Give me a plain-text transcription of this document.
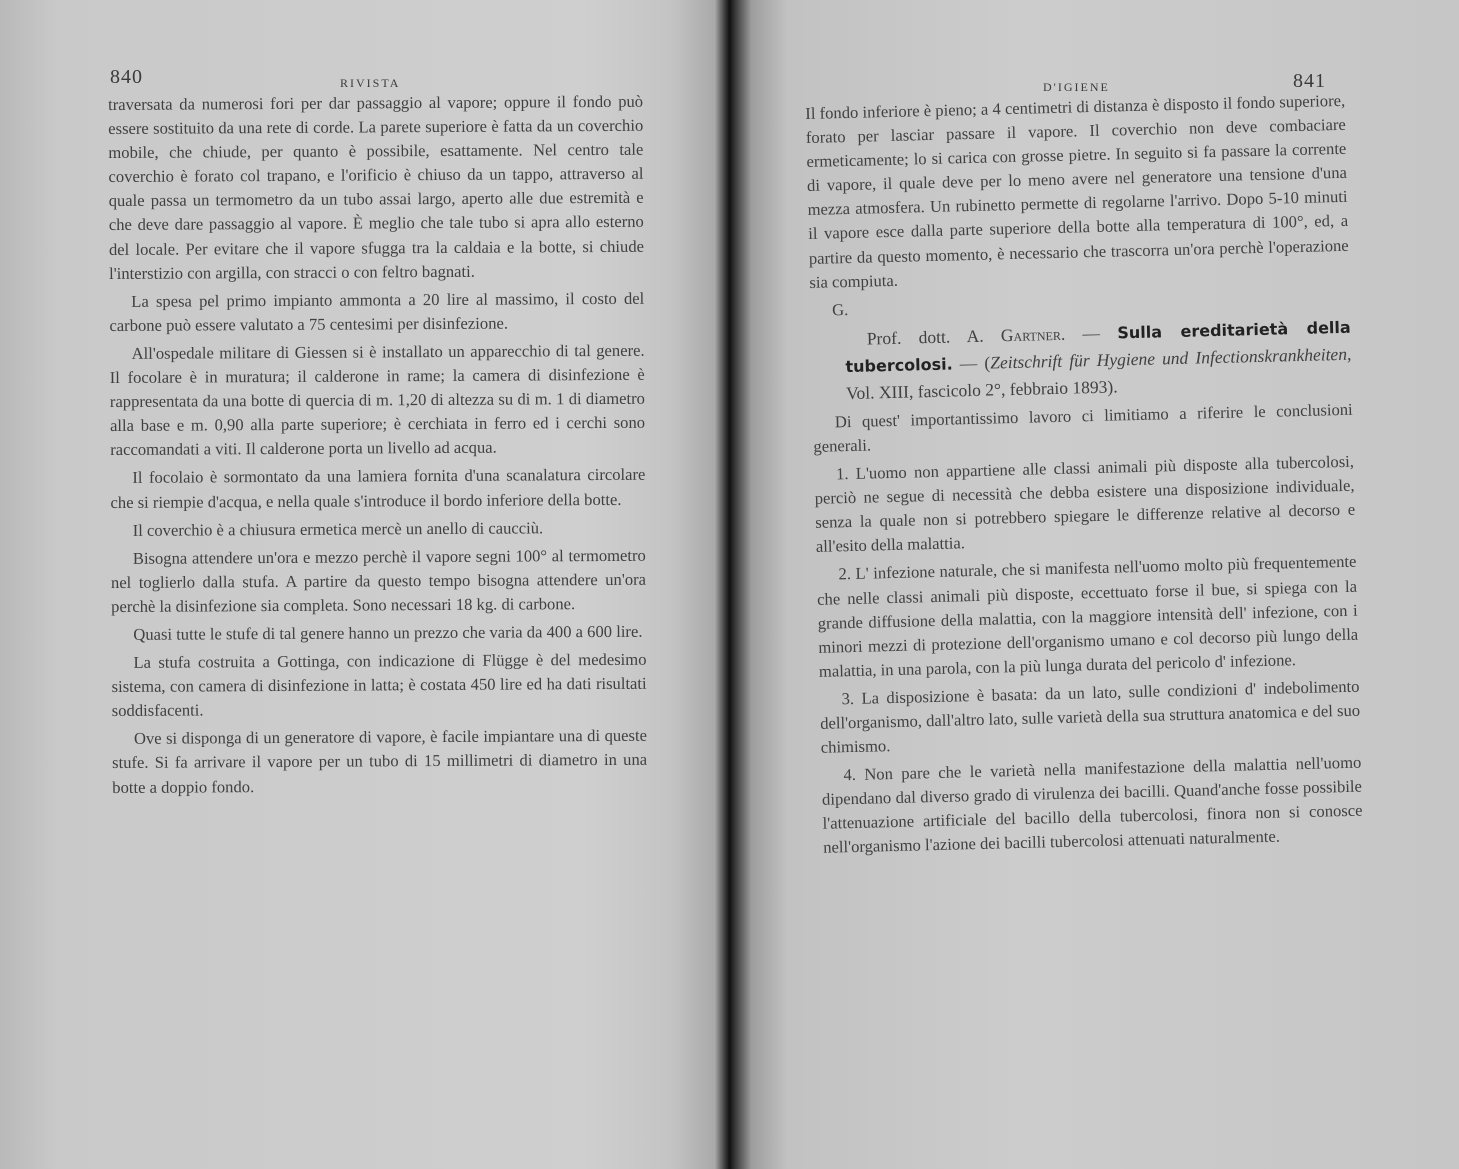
840	RIVISTA

traversata da numerosi fori per dar passaggio al vapore; oppure il fondo può essere sostituito da una rete di corde. La parete superiore è fatta da un coverchio mobile, che chiude, per quanto è possibile, esattamente. Nel centro tale coverchio è forato col trapano, e l'orificio è chiuso da un tappo, attraverso al quale passa un termometro da un tubo assai largo, aperto alle due estremità e che deve dare passaggio al vapore. È meglio che tale tubo si apra allo esterno del locale. Per evitare che il vapore sfugga tra la caldaia e la botte, si chiude l'interstizio con argilla, con stracci o con feltro bagnati.

La spesa pel primo impianto ammonta a 20 lire al massimo, il costo del carbone può essere valutato a 75 centesimi per disinfezione.

All'ospedale militare di Giessen si è installato un apparecchio di tal genere. Il focolare è in muratura; il calderone in rame; la camera di disinfezione è rappresentata da una botte di quercia di m. 1,20 di altezza su di m. 1 di diametro alla base e m. 0,90 alla parte superiore; è cerchiata in ferro ed i cerchi sono raccomandati a viti. Il calderone porta un livello ad acqua.

Il focolaio è sormontato da una lamiera fornita d'una scanalatura circolare che si riempie d'acqua, e nella quale s'introduce il bordo inferiore della botte.

Il coverchio è a chiusura ermetica mercè un anello di caucciù.

Bisogna attendere un'ora e mezzo perchè il vapore segni 100° al termometro nel toglierlo dalla stufa. A partire da questo tempo bisogna attendere un'ora perchè la disinfezione sia completa. Sono necessari 18 kg. di carbone.

Quasi tutte le stufe di tal genere hanno un prezzo che varia da 400 a 600 lire.

La stufa costruita a Gottinga, con indicazione di Flügge è del medesimo sistema, con camera di disinfezione in latta; è costata 450 lire ed ha dati risultati soddisfacenti.

Ove si disponga di un generatore di vapore, è facile impiantare una di queste stufe. Si fa arrivare il vapore per un tubo di 15 millimetri di diametro in una botte a doppio fondo.

D'IGIENE	841

Il fondo inferiore è pieno; a 4 centimetri di distanza è disposto il fondo superiore, forato per lasciar passare il vapore. Il coverchio non deve combaciare ermeticamente; lo si carica con grosse pietre. In seguito si fa passare la corrente di vapore, il quale deve per lo meno avere nel generatore una tensione d'una mezza atmosfera. Un rubinetto permette di regolarne l'arrivo. Dopo 5-10 minuti il vapore esce dalla parte superiore della botte alla temperatura di 100°, ed, a partire da questo momento, è necessario che trascorra un'ora perchè l'operazione sia compiuta.

G.

Prof. dott. A. Gartner. — Sulla ereditarietà della tubercolosi. — (Zeitschrift für Hygiene und Infectionskrankheiten, Vol. XIII, fascicolo 2°, febbraio 1893).

Di quest' importantissimo lavoro ci limitiamo a riferire le conclusioni generali.

1. L'uomo non appartiene alle classi animali più disposte alla tubercolosi, perciò ne segue di necessità che debba esistere una disposizione individuale, senza la quale non si potrebbero spiegare le differenze relative al decorso e all'esito della malattia.

2. L' infezione naturale, che si manifesta nell'uomo molto più frequentemente che nelle classi animali più disposte, eccettuato forse il bue, si spiega con la grande diffusione della malattia, con la maggiore intensità dell' infezione, con i minori mezzi di protezione dell'organismo umano e col decorso più lungo della malattia, in una parola, con la più lunga durata del pericolo d' infezione.

3. La disposizione è basata: da un lato, sulle condizioni d' indebolimento dell'organismo, dall'altro lato, sulle varietà della sua struttura anatomica e del suo chimismo.

4. Non pare che le varietà nella manifestazione della malattia nell'uomo dipendano dal diverso grado di virulenza dei bacilli. Quand'anche fosse possibile l'attenuazione artificiale del bacillo della tubercolosi, finora non si conosce nell'organismo l'azione dei bacilli tubercolosi attenuati naturalmente.
